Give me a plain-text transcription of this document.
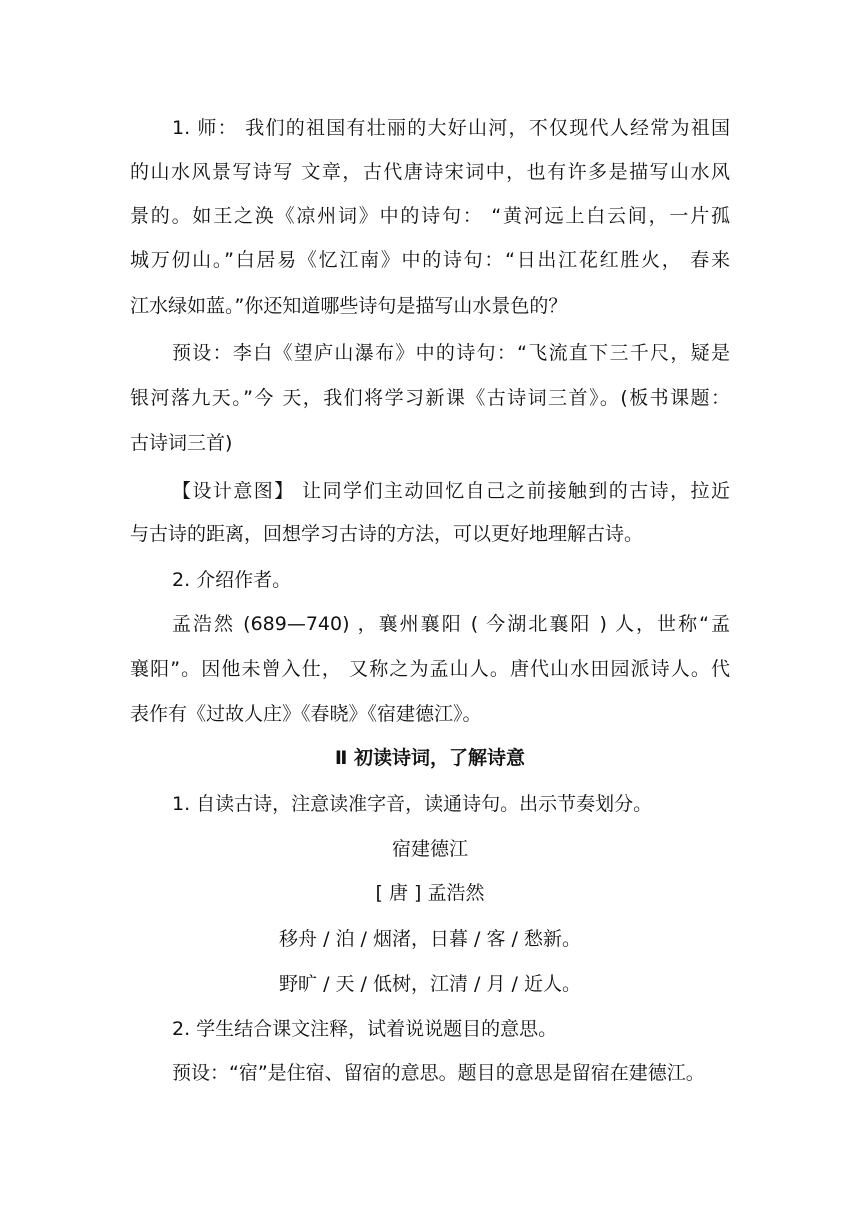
1. 师： 我们的祖国有壮丽的大好山河，不仅现代人经常为祖国
的山水风景写诗写 文章，古代唐诗宋词中，也有许多是描写山水风
景的。如王之涣《凉州词》中的诗句： “黄河远上白云间，一片孤
城万仞山。”白居易《忆江南》中的诗句：“日出江花红胜火， 春来
江水绿如蓝。”你还知道哪些诗句是描写山水景色的？
预设：李白《望庐山瀑布》中的诗句：“飞流直下三千尺，疑是
银河落九天。”今 天，我们将学习新课《古诗词三首》。(板书课题：
古诗词三首)
【设计意图】 让同学们主动回忆自己之前接触到的古诗，拉近
与古诗的距离，回想学习古诗的方法，可以更好地理解古诗。
2. 介绍作者。
孟浩然 (689—740) ，襄州襄阳 ( 今湖北襄阳 ) 人，世称“孟
襄阳”。因他未曾入仕， 又称之为孟山人。唐代山水田园派诗人。代
表作有《过故人庄》《春晓》《宿建德江》。
Ⅱ 初读诗词，了解诗意
1. 自读古诗，注意读准字音，读通诗句。出示节奏划分。
宿建德江
[ 唐 ] 孟浩然
移舟 / 泊 / 烟渚，日暮 / 客 / 愁新。
野旷 / 天 / 低树，江清 / 月 / 近人。
2. 学生结合课文注释，试着说说题目的意思。
预设：“宿”是住宿、留宿的意思。题目的意思是留宿在建德江。
